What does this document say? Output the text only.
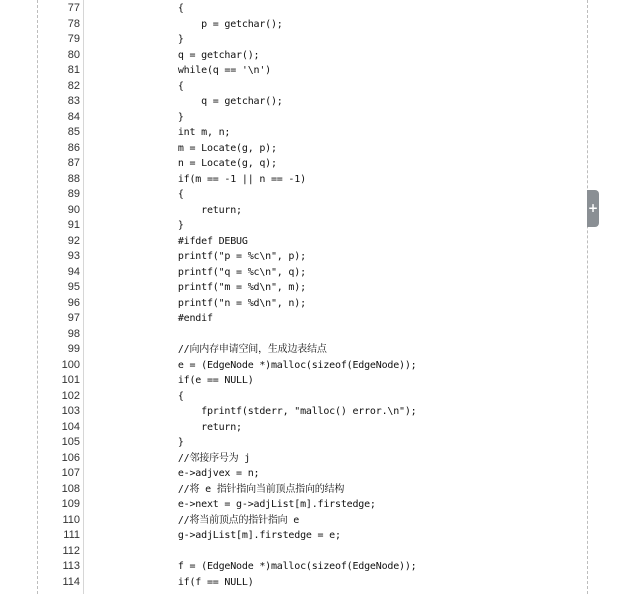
77	{
78	p = getchar();
79	}
80	q = getchar();
81	while(q == '\n')
82	{
83	q = getchar();
84	}
85	int m, n;
86	m = Locate(g, p);
87	n = Locate(g, q);
88	if(m == -1 || n == -1)
89	{
90	return;
91	}
92	#ifdef DEBUG
93	printf("p = %c\n", p);
94	printf("q = %c\n", q);
95	printf("m = %d\n", m);
96	printf("n = %d\n", n);
97	#endif
98
99	//向内存申请空间，生成边表结点
100	e = (EdgeNode *)malloc(sizeof(EdgeNode));
101	if(e == NULL)
102	{
103	fprintf(stderr, "malloc() error.\n");
104	return;
105	}
106	//邻接序号为 j
107	e->adjvex = n;
108	//将 e 指针指向当前顶点指向的结构
109	e->next = g->adjList[m].firstedge;
110	//将当前顶点的指针指向 e
111	g->adjList[m].firstedge = e;
112
113	f = (EdgeNode *)malloc(sizeof(EdgeNode));
114	if(f == NULL)
+
